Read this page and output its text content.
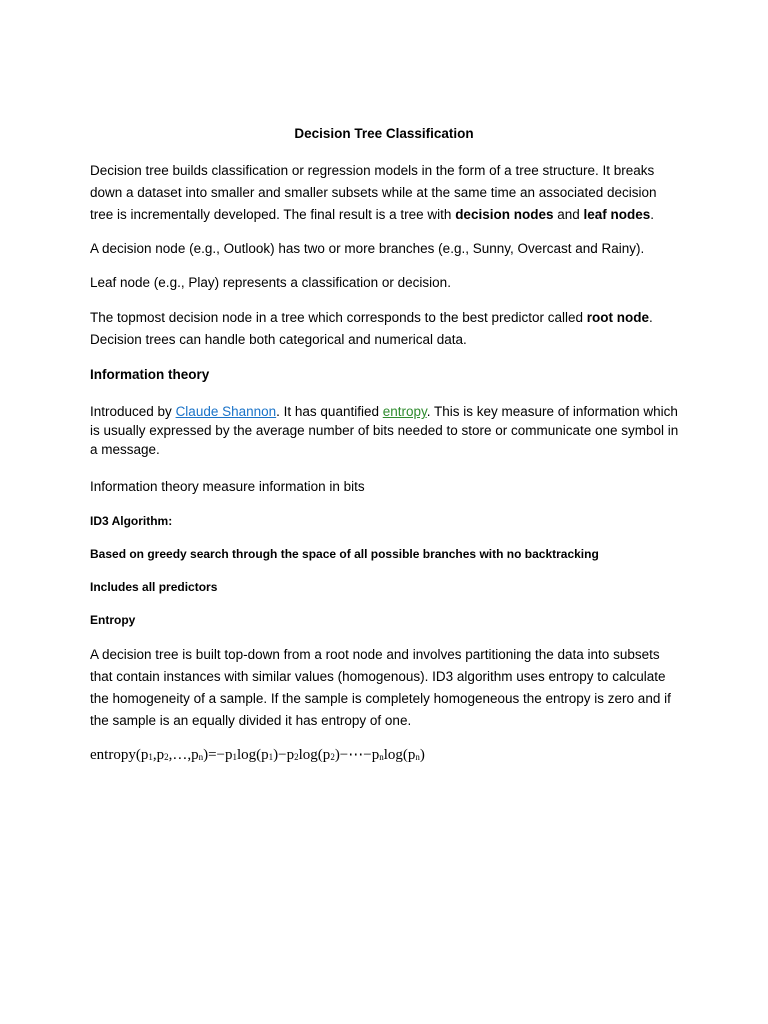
Decision Tree Classification

Decision tree builds classification or regression models in the form of a tree structure. It breaks down a dataset into smaller and smaller subsets while at the same time an associated decision tree is incrementally developed. The final result is a tree with decision nodes and leaf nodes.

A decision node (e.g., Outlook) has two or more branches (e.g., Sunny, Overcast and Rainy).

Leaf node (e.g., Play) represents a classification or decision.

The topmost decision node in a tree which corresponds to the best predictor called root node. Decision trees can handle both categorical and numerical data.

Information theory

Introduced by Claude Shannon. It has quantified entropy. This is key measure of information which is usually expressed by the average number of bits needed to store or communicate one symbol in a message.

Information theory measure information in bits

ID3 Algorithm:

Based on greedy search through the space of all possible branches with no backtracking

Includes all predictors

Entropy

A decision tree is built top-down from a root node and involves partitioning the data into subsets that contain instances with similar values (homogenous). ID3 algorithm uses entropy to calculate the homogeneity of a sample. If the sample is completely homogeneous the entropy is zero and if the sample is an equally divided it has entropy of one.

$entropy(p_1,p_2,\dots,p_n)=-p_1\log(p_1)-p_2\log(p_2)-\cdots-p_n\log(p_n)$
